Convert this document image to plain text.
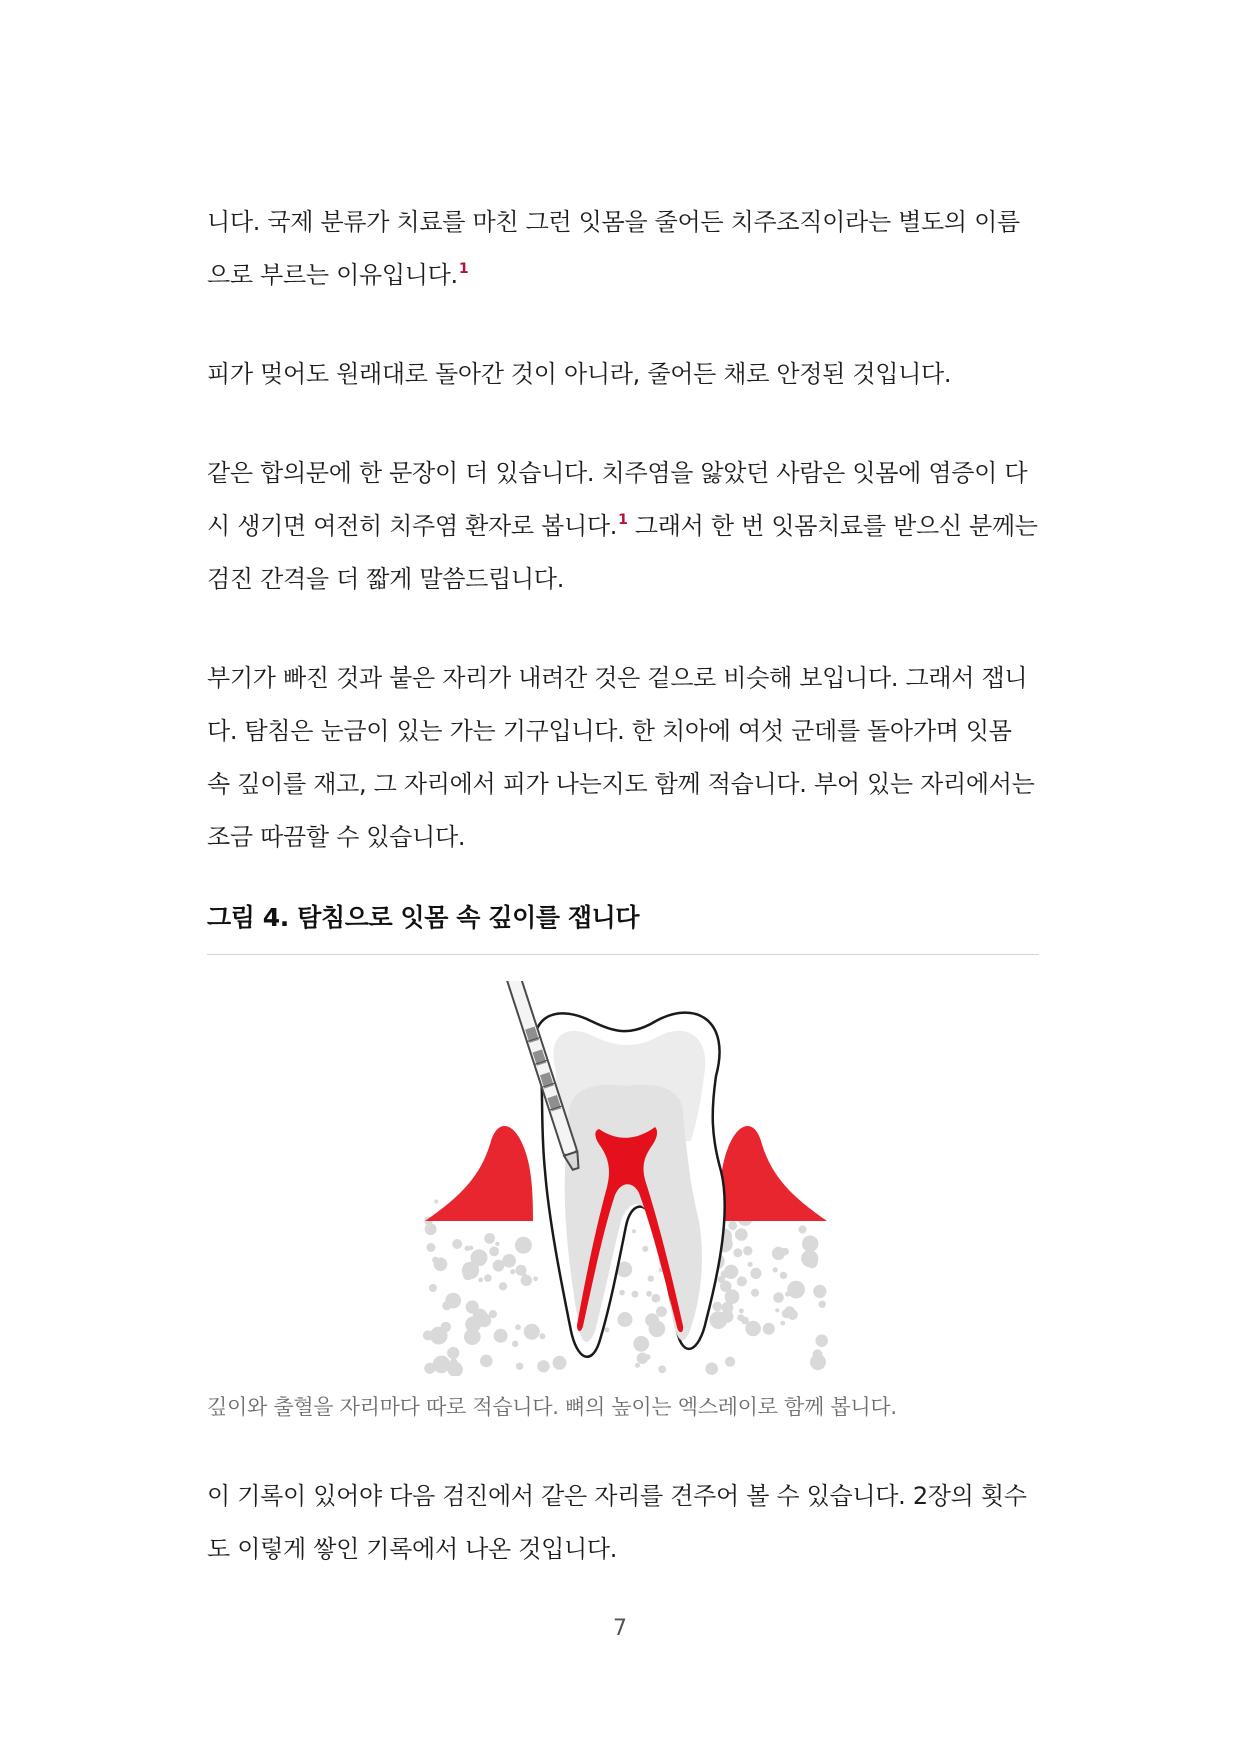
니다. 국제 분류가 치료를 마친 그런 잇몸을 줄어든 치주조직이라는 별도의 이름
으로 부르는 이유입니다.$^1$

피가 멎어도 원래대로 돌아간 것이 아니라, 줄어든 채로 안정된 것입니다.

같은 합의문에 한 문장이 더 있습니다. 치주염을 앓았던 사람은 잇몸에 염증이 다
시 생기면 여전히 치주염 환자로 봅니다.$^1$ 그래서 한 번 잇몸치료를 받으신 분께는
검진 간격을 더 짧게 말씀드립니다.

부기가 빠진 것과 붙은 자리가 내려간 것은 겉으로 비슷해 보입니다. 그래서 잽니
다. 탐침은 눈금이 있는 가는 기구입니다. 한 치아에 여섯 군데를 돌아가며 잇몸
속 깊이를 재고, 그 자리에서 피가 나는지도 함께 적습니다. 부어 있는 자리에서는
조금 따끔할 수 있습니다.

그림 4. 탐침으로 잇몸 속 깊이를 잽니다
깊이와 출혈을 자리마다 따로 적습니다. 뼈의 높이는 엑스레이로 함께 봅니다.

이 기록이 있어야 다음 검진에서 같은 자리를 견주어 볼 수 있습니다. 2장의 횟수
도 이렇게 쌓인 기록에서 나온 것입니다.

7
